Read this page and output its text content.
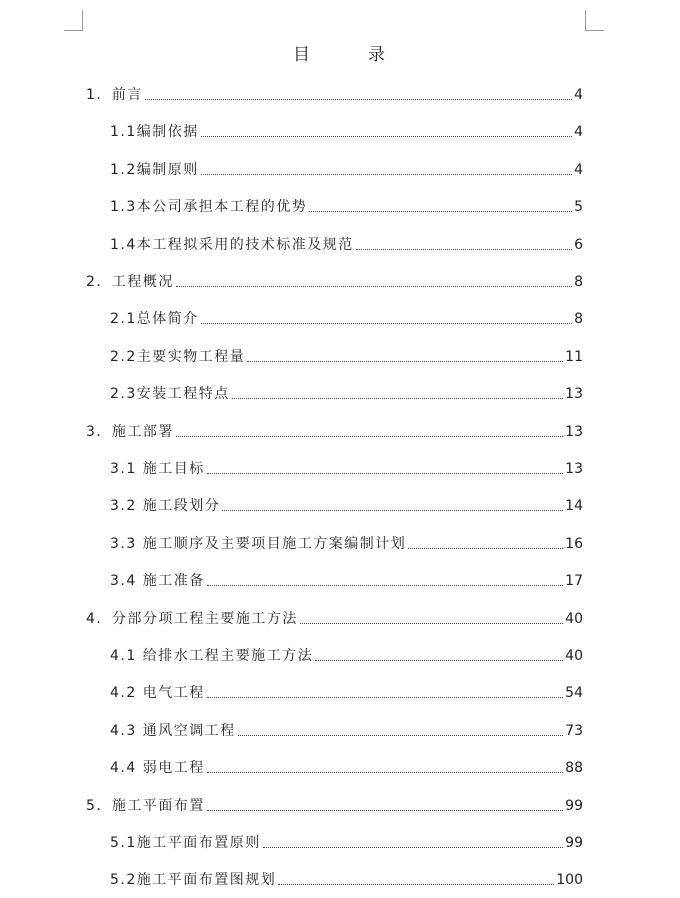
目	录
1．前言	4
1.1编制依据	4
1.2编制原则	4
1.3本公司承担本工程的优势	5
1.4本工程拟采用的技术标准及规范	6
2．工程概况	8
2.1总体简介	8
2.2主要实物工程量	11
2.3安装工程特点	13
3．施工部署	13
3.1 施工目标	13
3.2 施工段划分	14
3.3 施工顺序及主要项目施工方案编制计划	16
3.4 施工准备	17
4．分部分项工程主要施工方法	40
4.1 给排水工程主要施工方法	40
4.2 电气工程	54
4.3 通风空调工程	73
4.4 弱电工程	88
5．施工平面布置	99
5.1施工平面布置原则	99
5.2施工平面布置图规划	100
